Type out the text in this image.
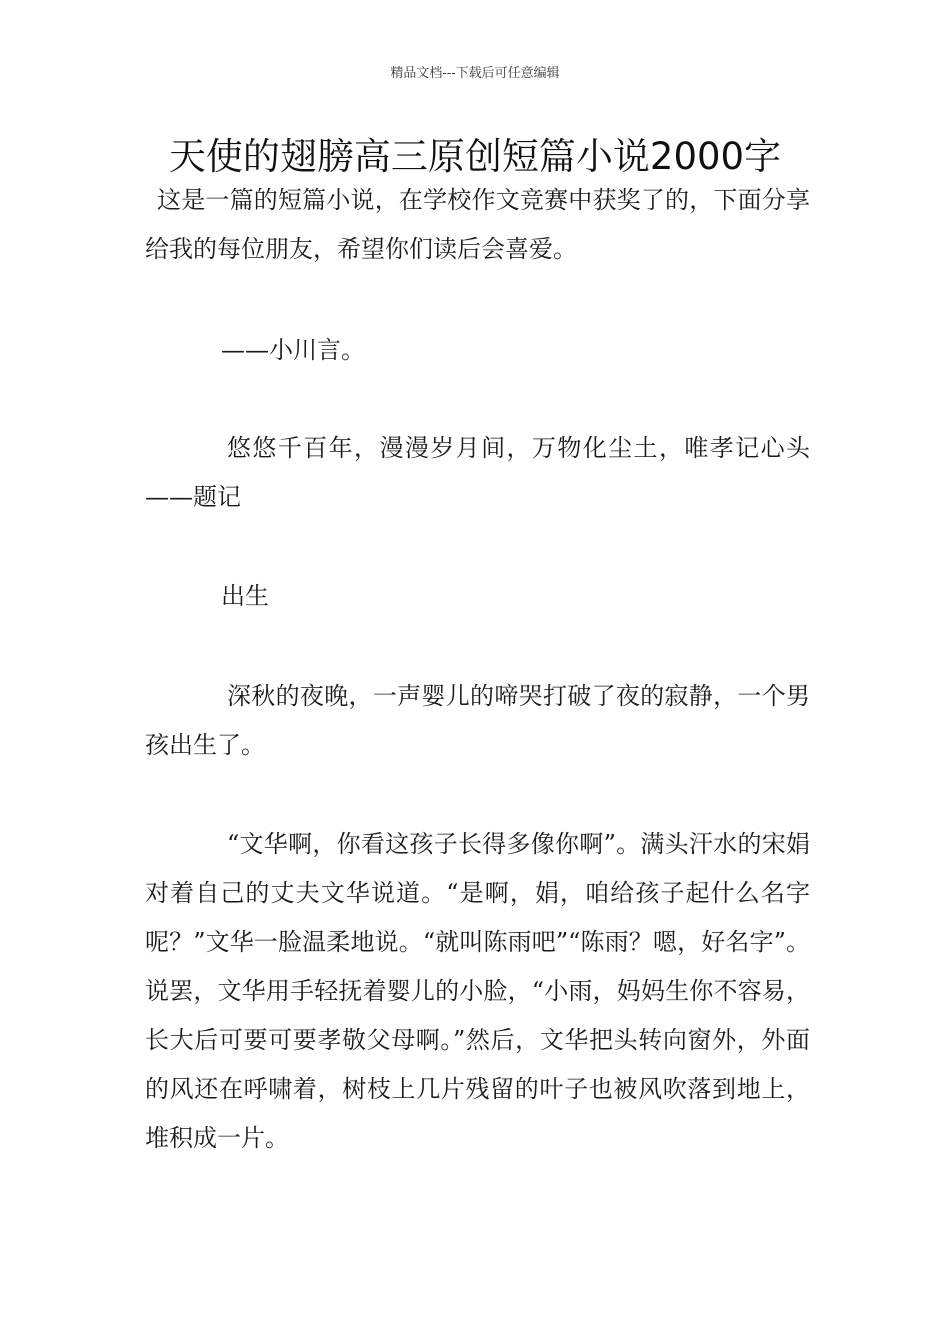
精品文档---下载后可任意编辑
天使的翅膀高三原创短篇小说2000字

这是一篇的短篇小说，在学校作文竞赛中获奖了的，下面分享给我的每位朋友，希望你们读后会喜爱。

——小川言。

悠悠千百年，漫漫岁月间，万物化尘土，唯孝记心头——题记

出生

深秋的夜晚，一声婴儿的啼哭打破了夜的寂静，一个男孩出生了。

“文华啊，你看这孩子长得多像你啊”。满头汗水的宋娟对着自己的丈夫文华说道。“是啊，娟，咱给孩子起什么名字呢？”文华一脸温柔地说。“就叫陈雨吧”“陈雨？嗯，好名字”。说罢，文华用手轻抚着婴儿的小脸，“小雨，妈妈生你不容易，长大后可要可要孝敬父母啊。”然后，文华把头转向窗外，外面的风还在呼啸着，树枝上几片残留的叶子也被风吹落到地上，堆积成一片。
